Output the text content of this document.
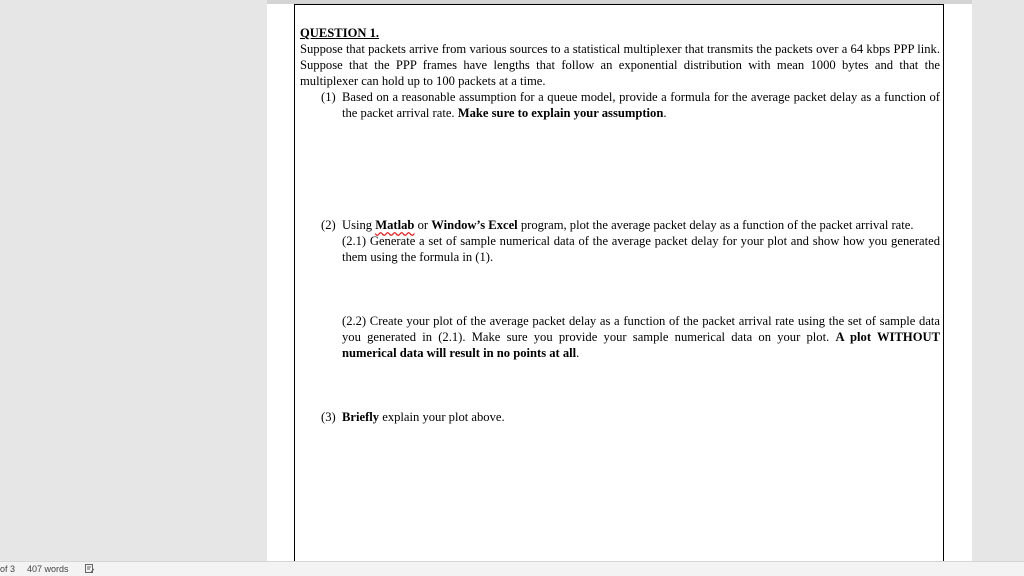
QUESTION 1.

Suppose that packets arrive from various sources to a statistical multiplexer that transmits the packets over a 64 kbps PPP link. Suppose that the PPP frames have lengths that follow an exponential distribution with mean 1000 bytes and that the multiplexer can hold up to 100 packets at a time.

(1) Based on a reasonable assumption for a queue model, provide a formula for the average packet delay as a function of the packet arrival rate. Make sure to explain your assumption.
(2) Using Matlab or Window’s Excel program, plot the average packet delay as a function of the packet arrival rate.

(2.1) Generate a set of sample numerical data of the average packet delay for your plot and show how you generated them using the formula in (1).

(2.2) Create your plot of the average packet delay as a function of the packet arrival rate using the set of sample data you generated in (2.1). Make sure you provide your sample numerical data on your plot. A plot WITHOUT numerical data will result in no points at all.

(3) Briefly explain your plot above.
of 3 407 words
